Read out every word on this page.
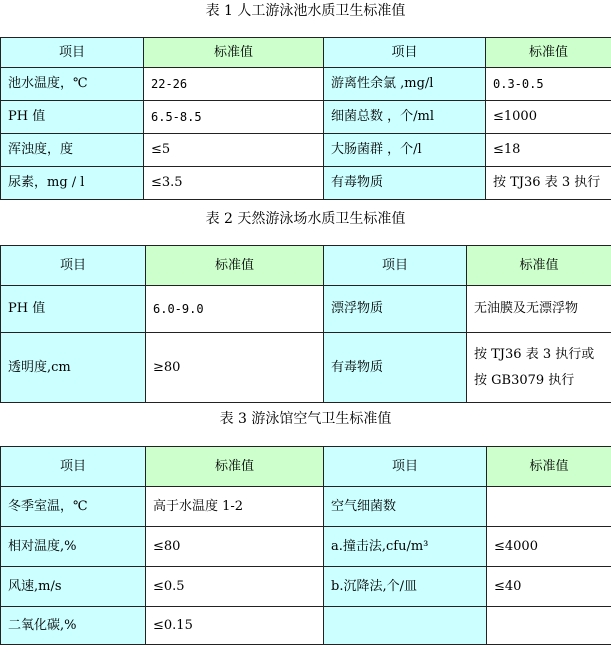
表 1 人工游泳池水质卫生标准值
项目	标准值	项目	标准值
池水温度，℃	22-26	游离性余氯 ,mg/l	0.3-0.5
PH 值	6.5-8.5	细菌总数 ，个/ml	≤1000
浑浊度，度	≤5	大肠菌群 ，个/l	≤18
尿素，mg / l	≤3.5	有毒物质	按 TJ36 表 3 执行
表 2 天然游泳场水质卫生标准值
项目	标准值	项目	标准值
PH 值	6.0-9.0	漂浮物质	无油膜及无漂浮物
透明度,cm	≥80	有毒物质	按 TJ36 表 3 执行或
按 GB3079 执行
表 3 游泳馆空气卫生标准值
项目	标准值	项目	标准值
冬季室温，℃	高于水温度 1-2	空气细菌数	
相对温度,%	≤80	a.撞击法,cfu/m³	≤4000
风速,m/s	≤0.5	b.沉降法,个/皿	≤40
二氧化碳,%	≤0.15		
